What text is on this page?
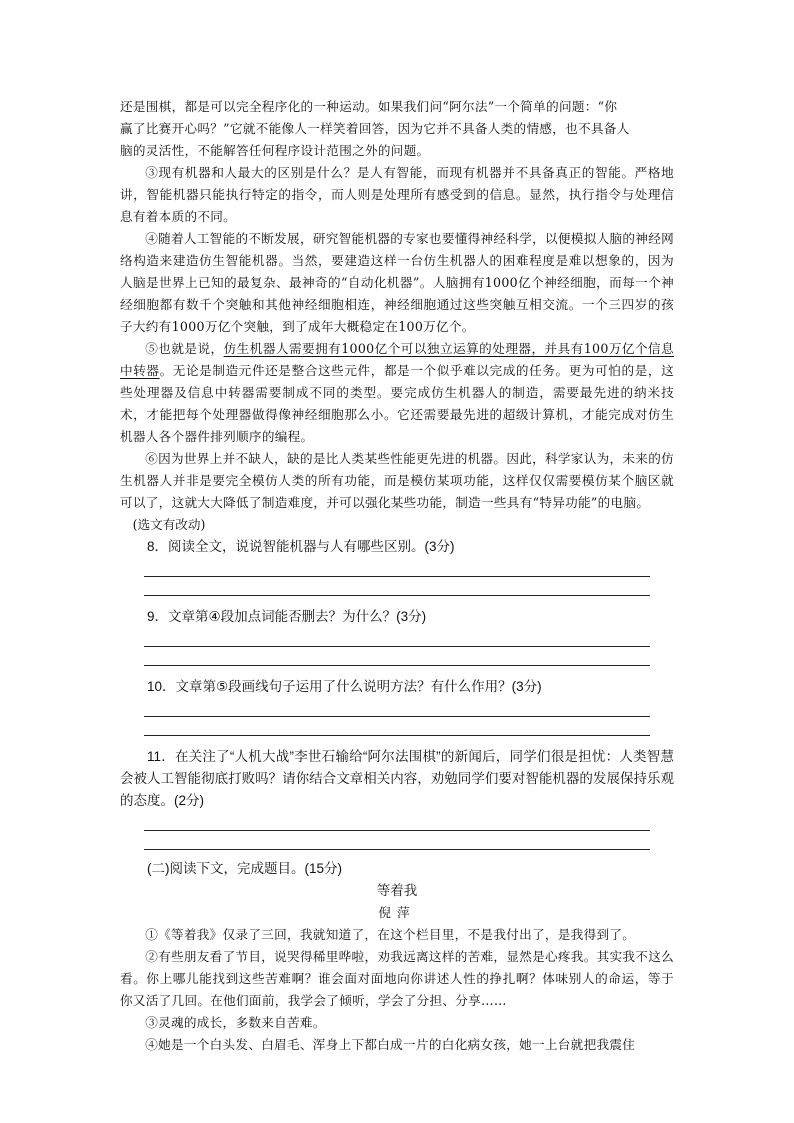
还是围棋，都是可以完全程序化的一种运动。如果我们问“阿尔法”一个简单的问题：“你

赢了比赛开心吗？”它就不能像人一样笑着回答，因为它并不具备人类的情感，也不具备人

脑的灵活性，不能解答任何程序设计范围之外的问题。

③现有机器和人最大的区别是什么？是人有智能，而现有机器并不具备真正的智能。严格地讲，智能机器只能执行特定的指令，而人则是处理所有感受到的信息。显然，执行指令与处理信息有着本质的不同。

④随着人工智能的不断发展，研究智能机器的专家也要懂得神经科学，以便模拟人脑的神经网络构造来建造仿生智能机器。当然，要建造这样一台仿生机器人的困难程度是难以想象的，因为人脑是世界上已知的最复杂、最神奇的“自动化机器”。人脑拥有1000亿个神经细胞，而每一个神经细胞都有数千个突触和其他神经细胞相连，神经细胞通过这些突触互相交流。一个三四岁的孩子大约有1000万亿个突触，到了成年大概稳定在100万亿个。

⑤也就是说，仿生机器人需要拥有1000亿个可以独立运算的处理器，并具有100万亿个信息中转器。无论是制造元件还是整合这些元件，都是一个似乎难以完成的任务。更为可怕的是，这些处理器及信息中转器需要制成不同的类型。要完成仿生机器人的制造，需要最先进的纳米技术，才能把每个处理器做得像神经细胞那么小。它还需要最先进的超级计算机，才能完成对仿生机器人各个器件排列顺序的编程。

⑥因为世界上并不缺人，缺的是比人类某些性能更先进的机器。因此，科学家认为，未来的仿生机器人并非是要完全模仿人类的所有功能，而是模仿某项功能，这样仅仅需要模仿某个脑区就可以了，这就大大降低了制造难度，并可以强化某些功能，制造一些具有“特异功能”的电脑。

(选文有改动)

8．阅读全文，说说智能机器与人有哪些区别。(3分)

9．文章第④段加点词能否删去？为什么？(3分)

10．文章第⑤段画线句子运用了什么说明方法？有什么作用？(3分)

11．在关注了“人机大战”李世石输给“阿尔法围棋”的新闻后，同学们很是担忧：人类智慧会被人工智能彻底打败吗？请你结合文章相关内容，劝勉同学们要对智能机器的发展保持乐观的态度。(2分)

(二)阅读下文，完成题目。(15分)

等着我

倪萍

①《等着我》仅录了三回，我就知道了，在这个栏目里，不是我付出了，是我得到了。

②有些朋友看了节目，说哭得稀里哗啦，劝我远离这样的苦难，显然是心疼我。其实我不这么看。你上哪儿能找到这些苦难啊？谁会面对面地向你讲述人性的挣扎啊？体味别人的命运，等于你又活了几回。在他们面前，我学会了倾听，学会了分担、分享……

③灵魂的成长，多数来自苦难。

④她是一个白头发、白眉毛、浑身上下都白成一片的白化病女孩，她一上台就把我震住
